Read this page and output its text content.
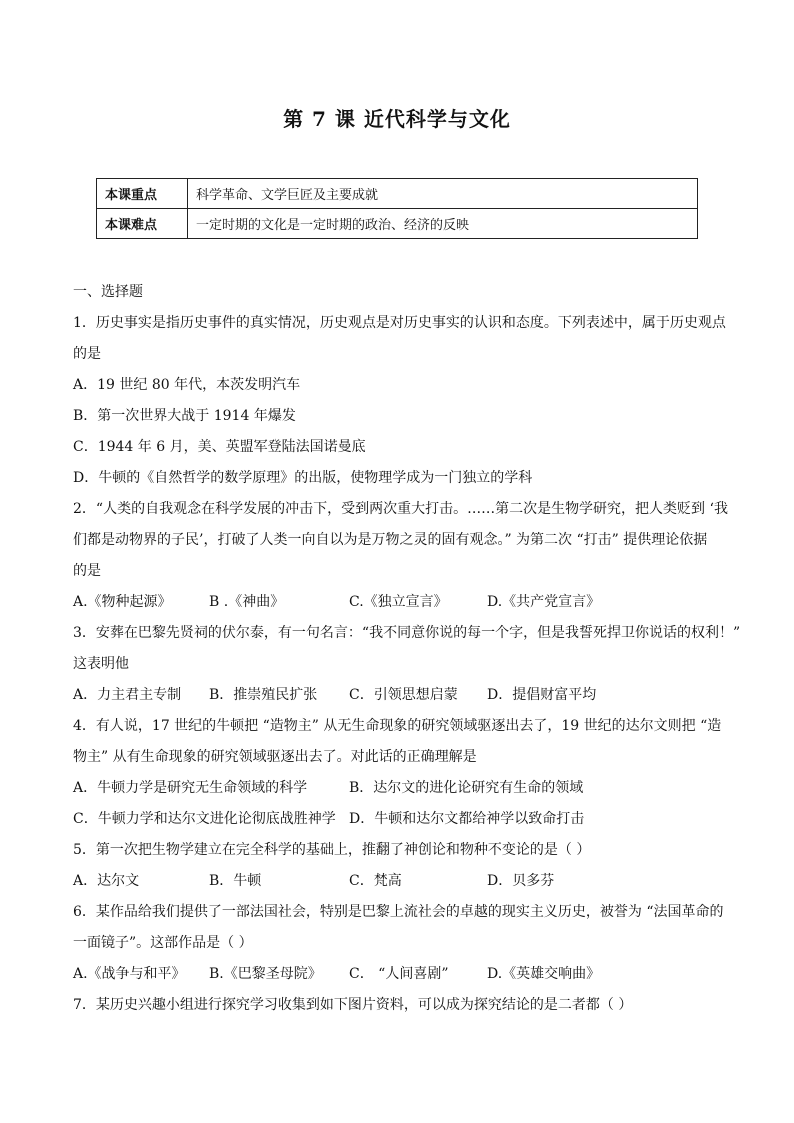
第 7 课 近代科学与文化
本课重点	科学革命、文学巨匠及主要成就
本课难点	一定时期的文化是一定时期的政治、经济的反映
一、选择题
1．历史事实是指历史事件的真实情况，历史观点是对历史事实的认识和态度。下列表述中，属于历史观点
的是
A．19 世纪 80 年代，本茨发明汽车
B．第一次世界大战于 1914 年爆发
C．1944 年 6 月，美、英盟军登陆法国诺曼底
D．牛顿的《自然哲学的数学原理》的出版，使物理学成为一门独立的学科
2．“人类的自我观念在科学发展的冲击下，受到两次重大打击。……第二次是生物学研究，把人类贬到 ‘我
们都是动物界的子民’，打破了人类一向自以为是万物之灵的固有观念。” 为第二次 “打击” 提供理论依据
的是
A.《物种起源》	B .《神曲》	C.《独立宣言》	D.《共产党宣言》
3．安葬在巴黎先贤祠的伏尔泰，有一句名言：“我不同意你说的每一个字，但是我誓死捍卫你说话的权利！”
这表明他
A．力主君主专制	B．推崇殖民扩张	C．引领思想启蒙	D．提倡财富平均
4．有人说，17 世纪的牛顿把 “造物主” 从无生命现象的研究领域驱逐出去了，19 世纪的达尔文则把 “造
物主” 从有生命现象的研究领域驱逐出去了。对此话的正确理解是
A．牛顿力学是研究无生命领域的科学	B．达尔文的进化论研究有生命的领域
C．牛顿力学和达尔文进化论彻底战胜神学 D．牛顿和达尔文都给神学以致命打击
5．第一次把生物学建立在完全科学的基础上，推翻了神创论和物种不变论的是（ ）
A．达尔文	B．牛顿	C．梵高	D．贝多芬
6．某作品给我们提供了一部法国社会，特别是巴黎上流社会的卓越的现实主义历史，被誉为 “法国革命的
一面镜子”。这部作品是（ ）
A.《战争与和平》	B.《巴黎圣母院》	C． “人间喜剧”	D.《英雄交响曲》
7．某历史兴趣小组进行探究学习收集到如下图片资料，可以成为探究结论的是二者都（ ）
